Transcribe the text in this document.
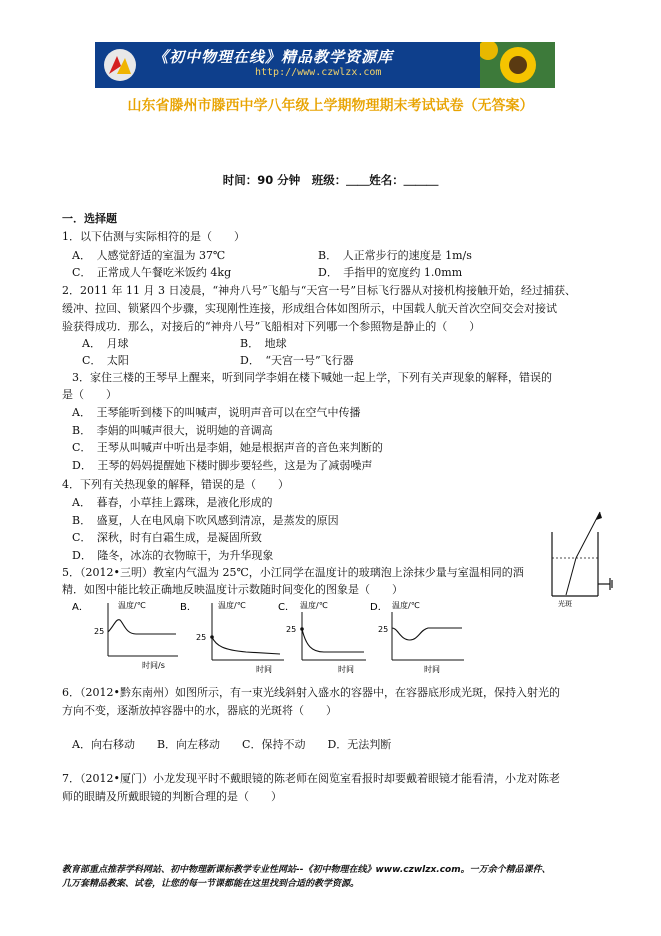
《初中物理在线》精品教学资源库
http://www.czwlzx.com
山东省滕州市滕西中学八年级上学期物理期末考试试卷（无答案）
时间：90 分钟　班级：＿＿姓名：＿＿＿
一．选择题
1．以下估测与实际相符的是（　　）
A．　人感觉舒适的室温为 37℃	B．　人正常步行的速度是 1m/s
C．　正常成人午餐吃米饭约 4kg	D．　手指甲的宽度约 1.0mm
2．2011 年 11 月 3 日凌晨，“神舟八号”飞船与“天宫一号”目标飞行器从对接机构接触开始，经过捕获、
缓冲、拉回、锁紧四个步骤，实现刚性连接，形成组合体如图所示，中国载人航天首次空间交会对接试
验获得成功．那么，对接后的“神舟八号”飞船相对下列哪一个参照物是静止的（　　）
A．　月球	B．　地球
C．　太阳	D．　“天宫一号”飞行器
3．家住三楼的王琴早上醒来，听到同学李娟在楼下喊她一起上学，下列有关声现象的解释，错误的
是（　　）
A．　王琴能听到楼下的叫喊声，说明声音可以在空气中传播
B．　李娟的叫喊声很大，说明她的音调高
C．　王琴从叫喊声中听出是李娟，她是根据声音的音色来判断的
D．　王琴的妈妈提醒她下楼时脚步要轻些，这是为了减弱噪声
4．下列有关热现象的解释，错误的是（　　）
A．　暮春，小草挂上露珠，是液化形成的
B．　盛夏，人在电风扇下吹风感到清凉，是蒸发的原因
C．　深秋，时有白霜生成，是凝固所致
D．　隆冬，冰冻的衣物晾干，为升华现象
光斑
5．（2012•三明）教室内气温为 25℃，小江同学在温度计的玻璃泡上涂抹少量与室温相同的酒
精．如图中能比较正确地反映温度计示数随时间变化的图象是（　　）
A．	温度/℃
25
时间/s
B．	温度/℃
25
时间
C． 温度/℃
25
时间
D． 温度/℃
25
时间
6．（2012•黔东南州）如图所示，有一束光线斜射入盛水的容器中，在容器底形成光斑，保持入射光的
方向不变，逐渐放掉容器中的水，器底的光斑将（　　）
A．向右移动　　B．向左移动　　C．保持不动　　D．无法判断
7．（2012•厦门）小龙发现平时不戴眼镜的陈老师在阅览室看报时却要戴着眼镜才能看清，小龙对陈老
师的眼睛及所戴眼镜的判断合理的是（　　）
教育部重点推荐学科网站、初中物理新课标教学专业性网站--《初中物理在线》www.czwlzx.com。一万余个精品课件、
几万套精品教案、试卷，让您的每一节课都能在这里找到合适的教学资源。
